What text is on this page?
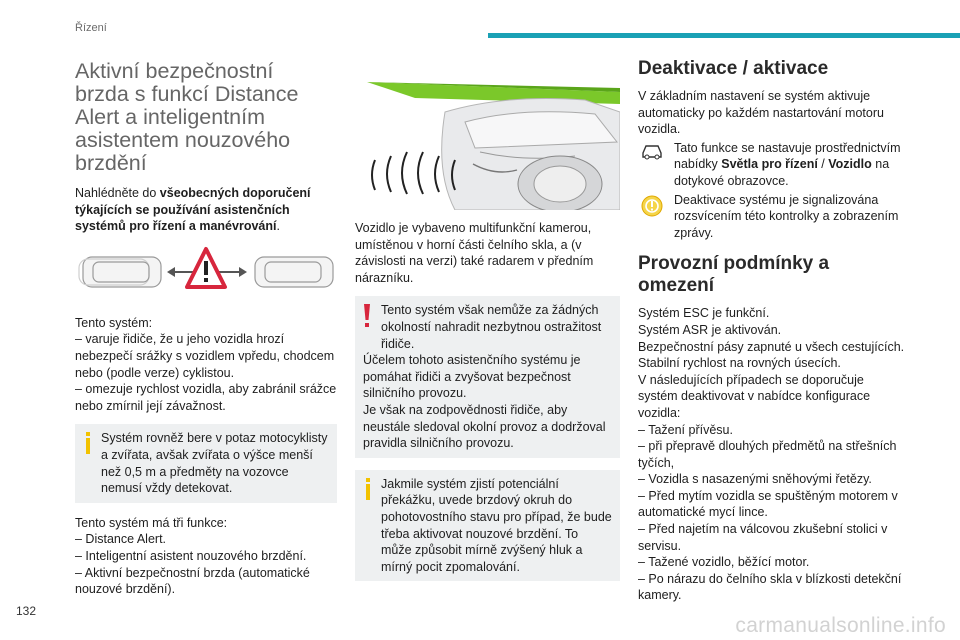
Řízení
Aktivní bezpečnostní
brzda s funkcí Distance
Alert a inteligentním
asistentem nouzového
brzdění

Nahlédněte do všeobecných doporučení týkajících se používání asistenčních systémů pro řízení a manévrování.

Tento systém:

– varuje řidiče, že u jeho vozidla hrozí nebezpečí srážky s vozidlem vpředu, chodcem nebo (podle verze) cyklistou.

– omezuje rychlost vozidla, aby zabránil srážce nebo zmírnil její závažnost.

Systém rovněž bere v potaz motocyklisty a zvířata, avšak zvířata o výšce menší než 0,5 m a předměty na vozovce nemusí vždy detekovat.

Tento systém má tři funkce:

– Distance Alert.

– Inteligentní asistent nouzového brzdění.

– Aktivní bezpečnostní brzda (automatické nouzové brzdění).

Vozidlo je vybaveno multifunkční kamerou, umístěnou v horní části čelního skla, a (v závislosti na verzi) také radarem v předním nárazníku.

Tento systém však nemůže za žádných okolností nahradit nezbytnou ostražitost řidiče.

Účelem tohoto asistenčního systému je pomáhat řidiči a zvyšovat bezpečnost silničního provozu.

Je však na zodpovědnosti řidiče, aby neustále sledoval okolní provoz a dodržoval pravidla silničního provozu.

Jakmile systém zjistí potenciální překážku, uvede brzdový okruh do pohotovostního stavu pro případ, že bude třeba aktivovat nouzové brzdění. To může způsobit mírně zvýšený hluk a mírný pocit zpomalování.

Deaktivace / aktivace

V základním nastavení se systém aktivuje automaticky po každém nastartování motoru vozidla.

Tato funkce se nastavuje prostřednictvím nabídky Světla pro řízení / Vozidlo na dotykové obrazovce.
Deaktivace systému je signalizována rozsvícením této kontrolky a zobrazením zprávy.
Provozní podmínky a omezení

Systém ESC je funkční.

Systém ASR je aktivován.

Bezpečnostní pásy zapnuté u všech cestujících.

Stabilní rychlost na rovných úsecích.

V následujících případech se doporučuje systém deaktivovat v nabídce konfigurace vozidla:

– Tažení přívěsu.

– při přepravě dlouhých předmětů na střešních tyčích,

– Vozidla s nasazenými sněhovými řetězy.

– Před mytím vozidla se spuštěným motorem v automatické mycí lince.

– Před najetím na válcovou zkušební stolici v servisu.

– Tažené vozidlo, běžící motor.

– Po nárazu do čelního skla v blízkosti detekční kamery.

132
carmanualsonline.info
